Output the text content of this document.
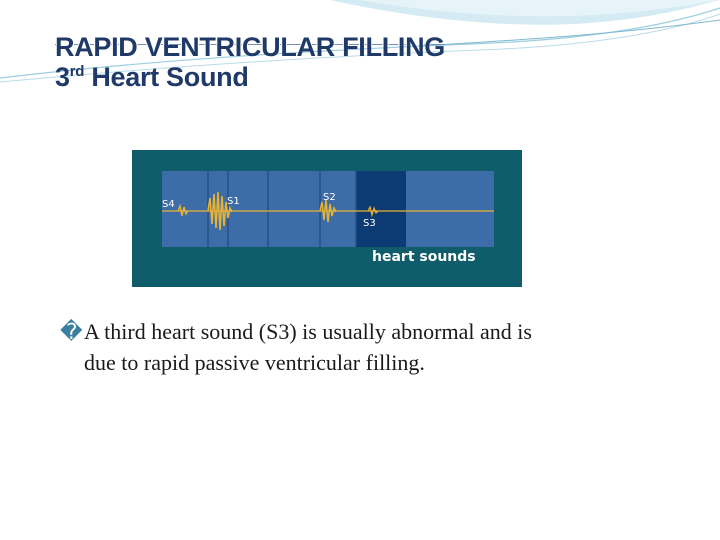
RAPID VENTRICULAR FILLING
3rd Heart Sound
S4	S1	S2
S3
heart sounds
�A third heart sound (S3) is usually abnormal and is
due to rapid passive ventricular filling.
